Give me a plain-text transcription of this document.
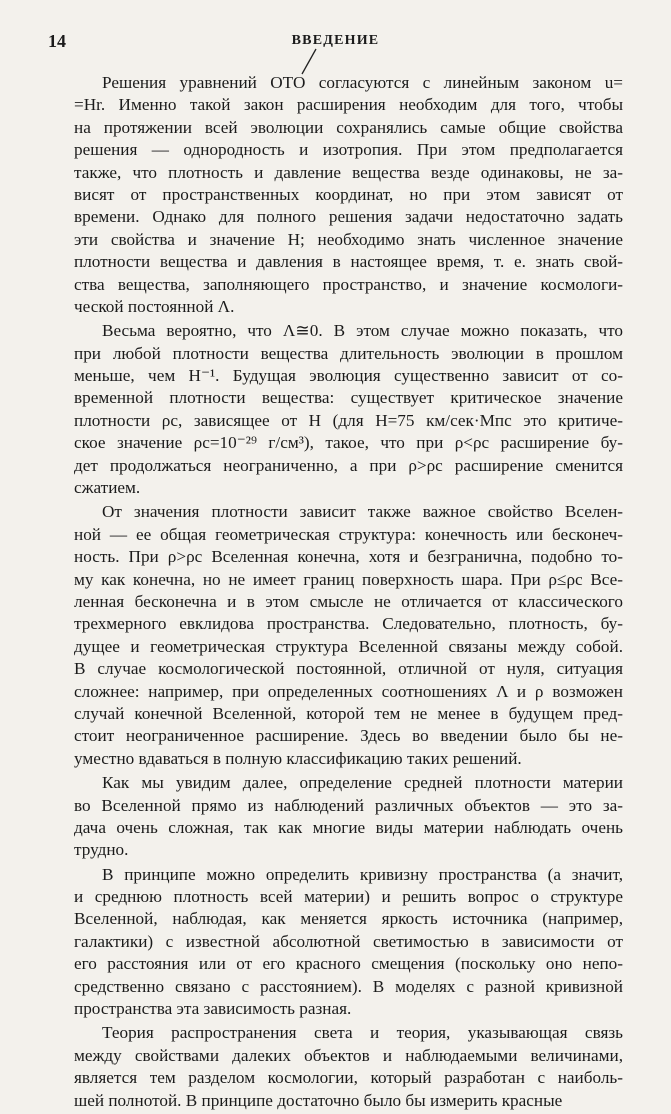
14	ВВЕДЕНИЕ
Решения уравнений ОТО согласуются с линейным законом u=
=Hr. Именно такой закон расширения необходим для того, чтобы
на протяжении всей эволюции сохранялись самые общие свойства
решения — однородность и изотропия. При этом предполагается
также, что плотность и давление вещества везде одинаковы, не за-
висят от пространственных координат, но при этом зависят от
времени. Однако для полного решения задачи недостаточно задать
эти свойства и значение H; необходимо знать численное значение
плотности вещества и давления в настоящее время, т. е. знать свой-
ства вещества, заполняющего пространство, и значение космологи-
ческой постоянной Λ.
Весьма вероятно, что Λ≅0. В этом случае можно показать, что
при любой плотности вещества длительность эволюции в прошлом
меньше, чем H⁻¹. Будущая эволюция существенно зависит от со-
временной плотности вещества: существует критическое значение
плотности ρc, зависящее от H (для H=75 км/сек·Мпс это критиче-
ское значение ρc=10⁻²⁹ г/см³), такое, что при ρ<ρc расширение бу-
дет продолжаться неограниченно, а при ρ>ρc расширение сменится
сжатием.
От значения плотности зависит также важное свойство Вселен-
ной — ее общая геометрическая структура: конечность или бесконеч-
ность. При ρ>ρc Вселенная конечна, хотя и безгранична, подобно то-
му как конечна, но не имеет границ поверхность шара. При ρ≤ρc Все-
ленная бесконечна и в этом смысле не отличается от классического
трехмерного евклидова пространства. Следовательно, плотность, бу-
дущее и геометрическая структура Вселенной связаны между собой.
В случае космологической постоянной, отличной от нуля, ситуация
сложнее: например, при определенных соотношениях Λ и ρ возможен
случай конечной Вселенной, которой тем не менее в будущем пред-
стоит неограниченное расширение. Здесь во введении было бы не-
уместно вдаваться в полную классификацию таких решений.
Как мы увидим далее, определение средней плотности материи
во Вселенной прямо из наблюдений различных объектов — это за-
дача очень сложная, так как многие виды материи наблюдать очень
трудно.
В принципе можно определить кривизну пространства (а значит,
и среднюю плотность всей материи) и решить вопрос о структуре
Вселенной, наблюдая, как меняется яркость источника (например,
галактики) с известной абсолютной светимостью в зависимости от
его расстояния или от его красного смещения (поскольку оно непо-
средственно связано с расстоянием). В моделях с разной кривизной
пространства эта зависимость разная.
Теория распространения света и теория, указывающая связь
между свойствами далеких объектов и наблюдаемыми величинами,
является тем разделом космологии, который разработан с наиболь-
шей полнотой. В принципе достаточно было бы измерить красные
